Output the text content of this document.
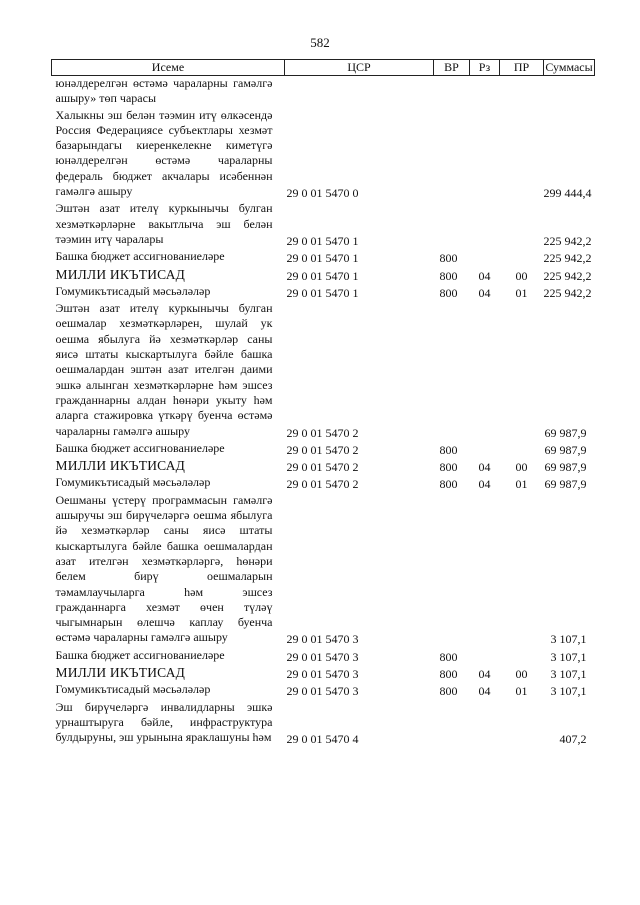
582
Исеме	ЦСР	ВР	Рз	ПР	Суммасы
юнәлдерелгән өстәмә чараларны гамәлгә ашыру» төп чарасы					
Халыкны эш белән тәэмин итү өлкәсендә Россия Федерациясе субъектлары хезмәт базарындагы киеренкелекне киметүгә юнәлдерелгән өстәмә чараларны федераль бюджет акчалары исәбеннән гамәлгә ашыру	29 0 01 5470 0				299 444,4
Эштән азат ителү куркынычы булган хезмәткәрләрне вакытлыча эш белән тәэмин итү чаралары	29 0 01 5470 1				225 942,2
Башка бюджет ассигнованиеләре	29 0 01 5470 1	800			225 942,2
МИЛЛИ ИКЪТИСАД	29 0 01 5470 1	800	04	00	225 942,2
Гомумикътисадый мәсьәләләр	29 0 01 5470 1	800	04	01	225 942,2
Эштән азат ителү куркынычы булган оешмалар хезмәткәрләрен, шулай ук оешма ябылуга йә хезмәткәрләр саны яисә штаты кыскартылуга бәйле башка оешмалардан эштән азат ителгән даими эшкә алынган хезмәткәрләрне һәм эшсез гражданнарны алдан һөнәри укыту һәм аларга стажировка үткәрү буенча өстәмә чараларны гамәлгә ашыру	29 0 01 5470 2				69 987,9
Башка бюджет ассигнованиеләре	29 0 01 5470 2	800			69 987,9
МИЛЛИ ИКЪТИСАД	29 0 01 5470 2	800	04	00	69 987,9
Гомумикътисадый мәсьәләләр	29 0 01 5470 2	800	04	01	69 987,9
Оешманы үстерү программасын гамәлгә ашыручы эш бирүчеләргә оешма ябылуга йә хезмәткәрләр саны яисә штаты кыскартылуга бәйле башка оешмалардан азат ителгән хезмәткәрләргә, һөнәри белем бирү оешмаларын тәмамлаучыларга һәм эшсез гражданнарга хезмәт өчен түләү чыгымнарын өлешчә каплау буенча өстәмә чараларны гамәлгә ашыру	29 0 01 5470 3				3 107,1
Башка бюджет ассигнованиеләре	29 0 01 5470 3	800			3 107,1
МИЛЛИ ИКЪТИСАД	29 0 01 5470 3	800	04	00	3 107,1
Гомумикътисадый мәсьәләләр	29 0 01 5470 3	800	04	01	3 107,1
Эш бирүчеләргә инвалидларны эшкә урнаштыруга бәйле, инфраструктура булдыруны, эш урынына яраклашуны һәм	29 0 01 5470 4				407,2
